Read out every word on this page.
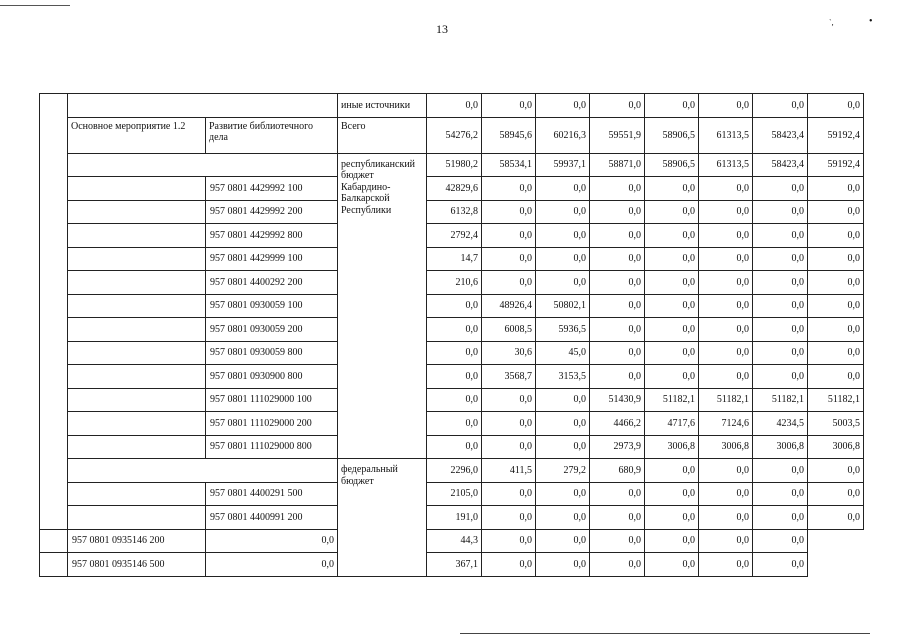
13	`,	•
			иные источники	0,0	0,0	0,0	0,0	0,0	0,0	0,0	0,0
	Основное мероприятие 1.2	Развитие библиотечного дела	Всего	54276,2	58945,6	60216,3	59551,9	58906,5	61313,5	58423,4	59192,4
			республиканский бюджет Кабардино-Балкарской Республики	51980,2	58534,1	59937,1	58871,0	58906,5	61313,5	58423,4	59192,4
		957 0801 4429992 100		42829,6	0,0	0,0	0,0	0,0	0,0	0,0	0,0
		957 0801 4429992 200		6132,8	0,0	0,0	0,0	0,0	0,0	0,0	0,0
		957 0801 4429992 800		2792,4	0,0	0,0	0,0	0,0	0,0	0,0	0,0
		957 0801 4429999 100		14,7	0,0	0,0	0,0	0,0	0,0	0,0	0,0
		957 0801 4400292 200		210,6	0,0	0,0	0,0	0,0	0,0	0,0	0,0
		957 0801 0930059 100		0,0	48926,4	50802,1	0,0	0,0	0,0	0,0	0,0
		957 0801 0930059 200		0,0	6008,5	5936,5	0,0	0,0	0,0	0,0	0,0
		957 0801 0930059 800		0,0	30,6	45,0	0,0	0,0	0,0	0,0	0,0
		957 0801 0930900 800		0,0	3568,7	3153,5	0,0	0,0	0,0	0,0	0,0
		957 0801 111029000 100		0,0	0,0	0,0	51430,9	51182,1	51182,1	51182,1	51182,1
		957 0801 111029000 200		0,0	0,0	0,0	4466,2	4717,6	7124,6	4234,5	5003,5
		957 0801 111029000 800		0,0	0,0	0,0	2973,9	3006,8	3006,8	3006,8	3006,8
			федеральный бюджет	2296,0	411,5	279,2	680,9	0,0	0,0	0,0	0,0
		957 0801 4400291 500		2105,0	0,0	0,0	0,0	0,0	0,0	0,0	0,0
		957 0801 4400991 200		191,0	0,0	0,0	0,0	0,0	0,0	0,0	0,0
	957 0801 0935146 200	0,0		44,3	0,0	0,0	0,0	0,0	0,0	0,0	
	957 0801 0935146 500	0,0		367,1	0,0	0,0	0,0	0,0	0,0	0,0	
